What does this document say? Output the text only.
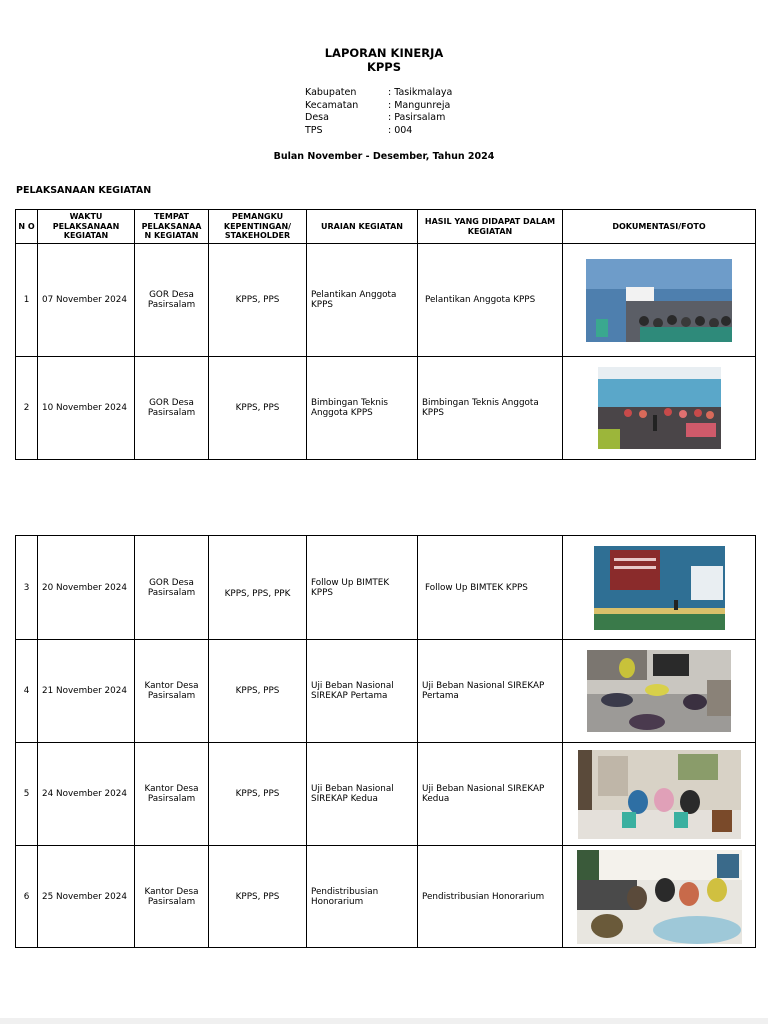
LAPORAN KINERJA
KPPS
Kabupaten	: Tasikmalaya
Kecamatan	: Mangunreja
Desa	: Pasirsalam
TPS	: 004
Bulan November - Desember, Tahun 2024
PELAKSANAAN KEGIATAN
N O	WAKTU PELAKSANAAN KEGIATAN	TEMPAT PELAKSANAA N KEGIATAN	PEMANGKU KEPENTINGAN/ STAKEHOLDER	URAIAN KEGIATAN	HASIL YANG DIDAPAT DALAM KEGIATAN	DOKUMENTASI/FOTO
1	07 November 2024	GOR Desa Pasirsalam	KPPS, PPS	Pelantikan Anggota KPPS	Pelantikan Anggota KPPS	

2	10 November 2024	GOR Desa Pasirsalam	KPPS, PPS	Bimbingan Teknis Anggota KPPS	Bimbingan Teknis Anggota KPPS	
3	20 November 2024	GOR Desa Pasirsalam	KPPS, PPS, PPK	Follow Up BIMTEK KPPS	Follow Up BIMTEK KPPS	

4	21 November 2024	Kantor Desa Pasirsalam	KPPS, PPS	Uji Beban Nasional SIREKAP Pertama	Uji Beban Nasional SIREKAP Pertama	

5	24 November 2024	Kantor Desa Pasirsalam	KPPS, PPS	Uji Beban Nasional SIREKAP Kedua	Uji Beban Nasional SIREKAP Kedua	

6	25 November 2024	Kantor Desa Pasirsalam	KPPS, PPS	Pendistribusian Honorarium	Pendistribusian Honorarium	
